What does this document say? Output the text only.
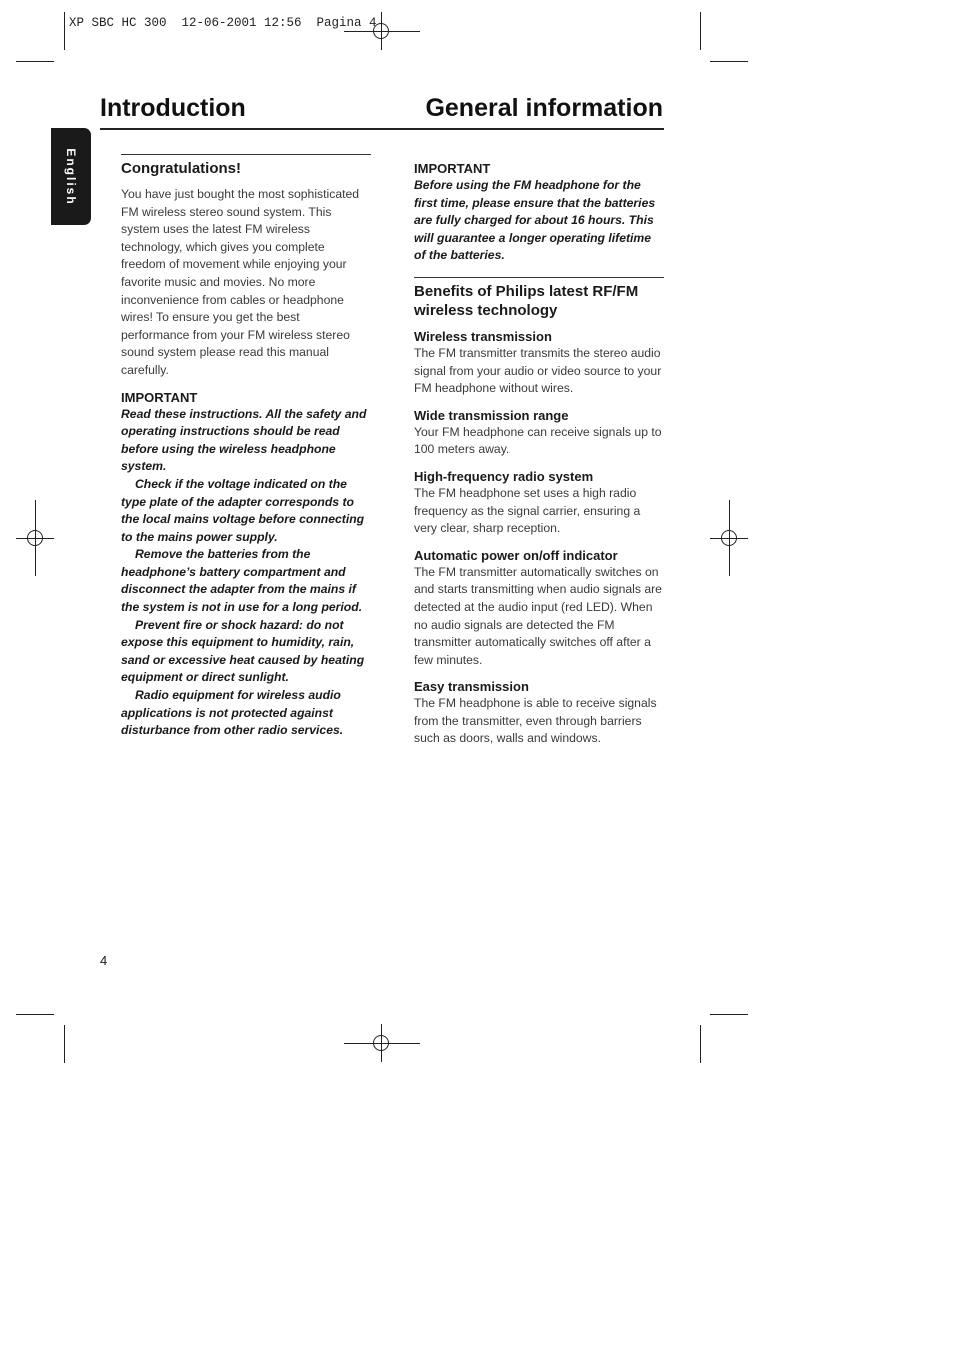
XP SBC HC 300  12-06-2001 12:56  Pagina 4
English
Introduction	General information
Congratulations!

You have just bought the most sophisticated FM wireless stereo sound system. This system uses the latest FM wireless technology, which gives you complete freedom of movement while enjoying your favorite music and movies. No more inconvenience from cables or headphone wires! To ensure you get the best performance from your FM wireless stereo sound system please read this manual carefully.

IMPORTANT

Read these instructions. All the safety and operating instructions should be read before using the wireless headphone system.

Check if the voltage indicated on the type plate of the adapter corresponds to the local mains voltage before connecting to the mains power supply.

Remove the batteries from the headphone’s battery compartment and disconnect the adapter from the mains if the system is not in use for a long period.

Prevent fire or shock hazard: do not expose this equipment to humidity, rain, sand or excessive heat caused by heating equipment or direct sunlight.

Radio equipment for wireless audio applications is not protected against disturbance from other radio services.

IMPORTANT

Before using the FM headphone for the first time, please ensure that the batteries are fully charged for about 16 hours. This will guarantee a longer operating lifetime of the batteries.

Benefits of Philips latest RF/FM wireless technology
Wireless transmission

The FM transmitter transmits the stereo audio signal from your audio or video source to your FM headphone without wires.

Wide transmission range

Your FM headphone can receive signals up to 100 meters away.

High-frequency radio system

The FM headphone set uses a high radio frequency as the signal carrier, ensuring a very clear, sharp reception.

Automatic power on/off indicator

The FM transmitter automatically switches on and starts transmitting when audio signals are detected at the audio input (red LED). When no audio signals are detected the FM transmitter automatically switches off after a few minutes.

Easy transmission

The FM headphone is able to receive signals from the transmitter, even through barriers such as doors, walls and windows.

4
